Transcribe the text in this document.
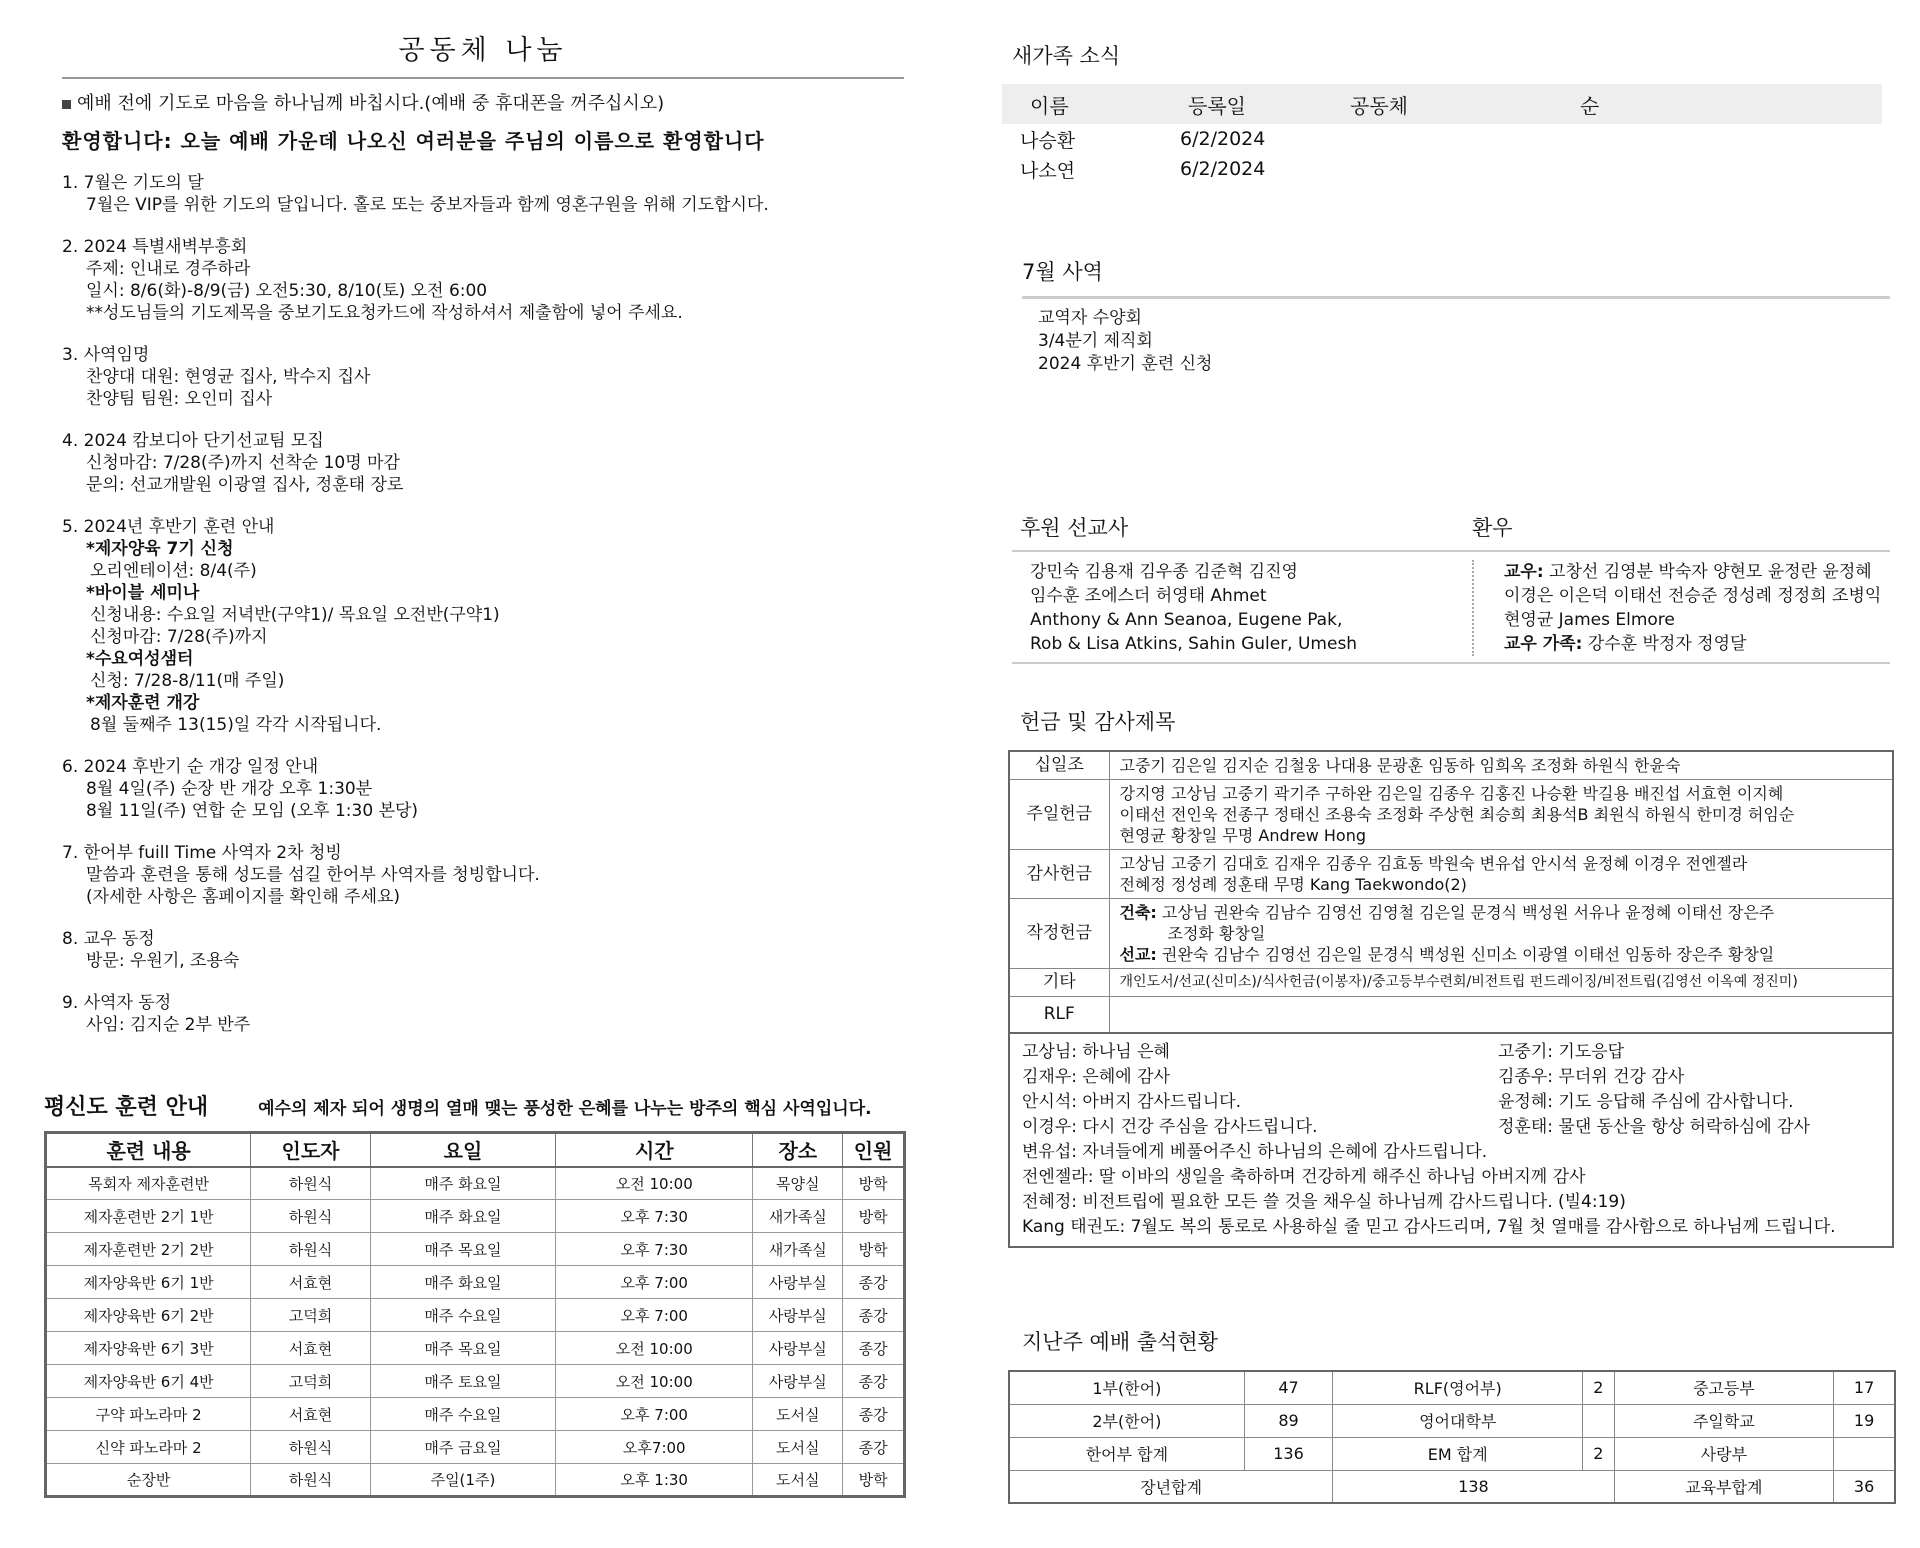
공동체 나눔
예배 전에 기도로 마음을 하나님께 바칩시다.(예배 중 휴대폰을 꺼주십시오)
환영합니다: 오늘 예배 가운데 나오신 여러분을 주님의 이름으로 환영합니다
1. 7월은 기도의 달
7월은 VIP를 위한 기도의 달입니다. 홀로 또는 중보자들과 함께 영혼구원을 위해 기도합시다.
2. 2024 특별새벽부흥회
주제: 인내로 경주하라
일시: 8/6(화)-8/9(금) 오전5:30, 8/10(토) 오전 6:00
**성도님들의 기도제목을 중보기도요청카드에 작성하셔서 제출함에 넣어 주세요.
3. 사역임명
찬양대 대원: 현영균 집사, 박수지 집사
찬양팀 팀원: 오인미 집사
4. 2024 캄보디아 단기선교팀 모집
신청마감: 7/28(주)까지 선착순 10명 마감
문의: 선교개발원 이광열 집사, 정훈태 장로
5. 2024년 후반기 훈련 안내
*제자양육 7기 신청
오리엔테이션: 8/4(주)
*바이블 세미나
신청내용: 수요일 저녁반(구약1)/ 목요일 오전반(구약1)
신청마감: 7/28(주)까지
*수요여성샘터
신청: 7/28-8/11(매 주일)
*제자훈련 개강
8월 둘째주 13(15)일 각각 시작됩니다.
6. 2024 후반기 순 개강 일정 안내
8월 4일(주) 순장 반 개강 오후 1:30분
8월 11일(주) 연합 순 모임 (오후 1:30 본당)
7. 한어부 fuill Time 사역자 2차 청빙
말씀과 훈련을 통해 성도를 섬길 한어부 사역자를 청빙합니다.
(자세한 사항은 홈페이지를 확인해 주세요)
8. 교우 동정
방문: 우원기, 조용숙
9. 사역자 동정
사임: 김지순 2부 반주
평신도 훈련 안내	예수의 제자 되어 생명의 열매 맺는 풍성한 은혜를 나누는 방주의 핵심 사역입니다.
훈련 내용	인도자	요일	시간	장소	인원
목회자 제자훈련반	하원식	매주 화요일	오전 10:00	목양실	방학
제자훈련반 2기 1반	하원식	매주 화요일	오후 7:30	새가족실	방학
제자훈련반 2기 2반	하원식	매주 목요일	오후 7:30	새가족실	방학
제자양육반 6기 1반	서효현	매주 화요일	오후 7:00	사랑부실	종강
제자양육반 6기 2반	고덕희	매주 수요일	오후 7:00	사랑부실	종강
제자양육반 6기 3반	서효현	매주 목요일	오전 10:00	사랑부실	종강
제자양육반 6기 4반	고덕희	매주 토요일	오전 10:00	사랑부실	종강
구약 파노라마 2	서효현	매주 수요일	오후 7:00	도서실	종강
신약 파노라마 2	하원식	매주 금요일	오후7:00	도서실	종강
순장반	하원식	주일(1주)	오후 1:30	도서실	방학
새가족 소식
이름	등록일	공동체	순
나승환	6/2/2024
나소연	6/2/2024
7월 사역
교역자 수양회
3/4분기 제직회
2024 후반기 훈련 신청
후원 선교사	환우
강민숙 김용재 김우종 김준혁 김진영
임수훈 조에스더 허영태 Ahmet
Anthony & Ann Seanoa, Eugene Pak,
Rob & Lisa Atkins, Sahin Guler, Umesh
교우: 고창선 김영분 박숙자 양현모 윤정란 윤정혜
이경은 이은덕 이태선 전승준 정성례 정정희 조병익
현영균 James Elmore
교우 가족: 강수훈 박정자 정영달
헌금 및 감사제목
십일조	고중기 김은일 김지순 김철웅 나대용 문광훈 임동하 임희옥 조정화 하원식 한윤숙
주일헌금	강지영 고상님 고중기 곽기주 구하완 김은일 김종우 김홍진 나승환 박길용 배진섭 서효현 이지혜
이태선 전인욱 전종구 정태신 조용숙 조정화 주상현 최승희 최용석B 최원식 하원식 한미경 허임순
현영균 황창일 무명 Andrew Hong

감사헌금	고상님 고중기 김대호 김재우 김종우 김효동 박원숙 변유섭 안시석 윤정혜 이경우 전엔젤라
전혜정 정성례 정훈태 무명 Kang Taekwondo(2)

작정헌금	건축: 고상님 권완숙 김남수 김영선 김영철 김은일 문경식 백성원 서유나 윤정혜 이태선 장은주
조정화 황창일
선교: 권완숙 김남수 김영선 김은일 문경식 백성원 신미소 이광열 이태선 임동하 장은주 황창일

기타	개인도서/선교(신미소)/식사헌금(이봉자)/중고등부수련회/비전트립 펀드레이징/비전트립(김영선 이옥예 정진미)
RLF	
고상님: 하나님 은혜	고중기: 기도응답
김재우: 은혜에 감사	김종우: 무더위 건강 감사
안시석: 아버지 감사드립니다.	윤정혜: 기도 응답해 주심에 감사합니다.
이경우: 다시 건강 주심을 감사드립니다.	정훈태: 물댄 동산을 항상 허락하심에 감사
변유섭: 자녀들에게 베풀어주신 하나님의 은혜에 감사드립니다.
전엔젤라: 딸 이바의 생일을 축하하며 건강하게 해주신 하나님 아버지께 감사
전혜정: 비전트립에 필요한 모든 쓸 것을 채우실 하나님께 감사드립니다. (빌4:19)
Kang 태권도: 7월도 복의 통로로 사용하실 줄 믿고 감사드리며, 7월 첫 열매를 감사함으로 하나님께 드립니다.
지난주 예배 출석현황
1부(한어)	47	RLF(영어부)	2	중고등부	17
2부(한어)	89	영어대학부		주일학교	19
한어부 합계	136	EM 합계	2	사랑부	
장년합계		138		교육부합계	36
